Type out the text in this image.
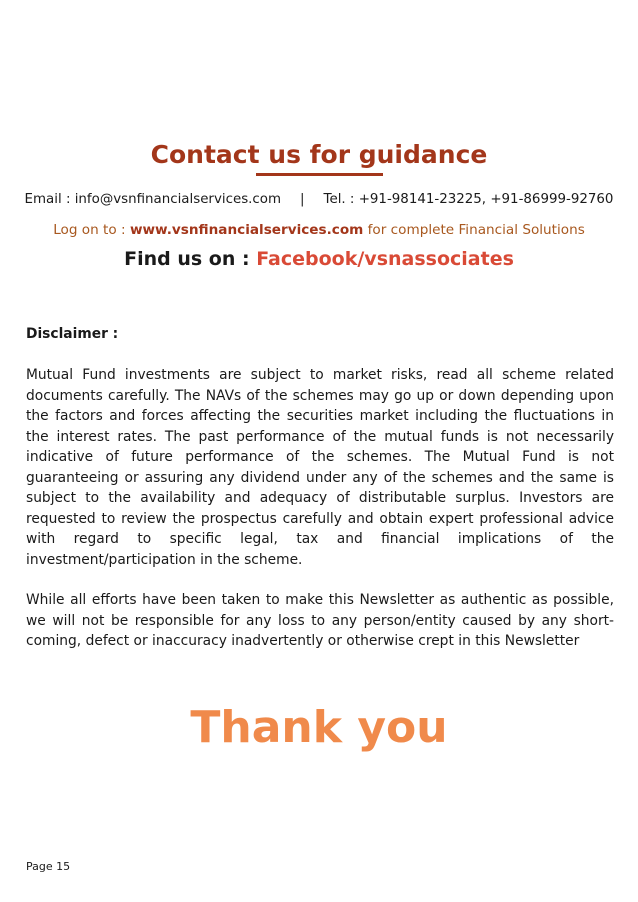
Contact us for guidance
Email : info@vsnfinancialservices.com | Tel. : +91-98141-23225, +91-86999-92760
Log on to : www.vsnfinancialservices.com for complete Financial Solutions
Find us on : Facebook/vsnassociates
Disclaimer :

Mutual Fund investments are subject to market risks, read all scheme related documents carefully. The NAVs of the schemes may go up or down depending upon the factors and forces affecting the securities market including the fluctuations in the interest rates. The past performance of the mutual funds is not necessarily indicative of future performance of the schemes. The Mutual Fund is not guaranteeing or assuring any dividend under any of the schemes and the same is subject to the availability and adequacy of distributable surplus. Investors are requested to review the prospectus carefully and obtain expert professional advice with regard to specific legal, tax and financial implications of the investment/participation in the scheme.

While all efforts have been taken to make this Newsletter as authentic as possible, we will not be responsible for any loss to any person/entity caused by any short-coming, defect or inaccuracy inadvertently or otherwise crept in this Newsletter

Thank you
Page 15
